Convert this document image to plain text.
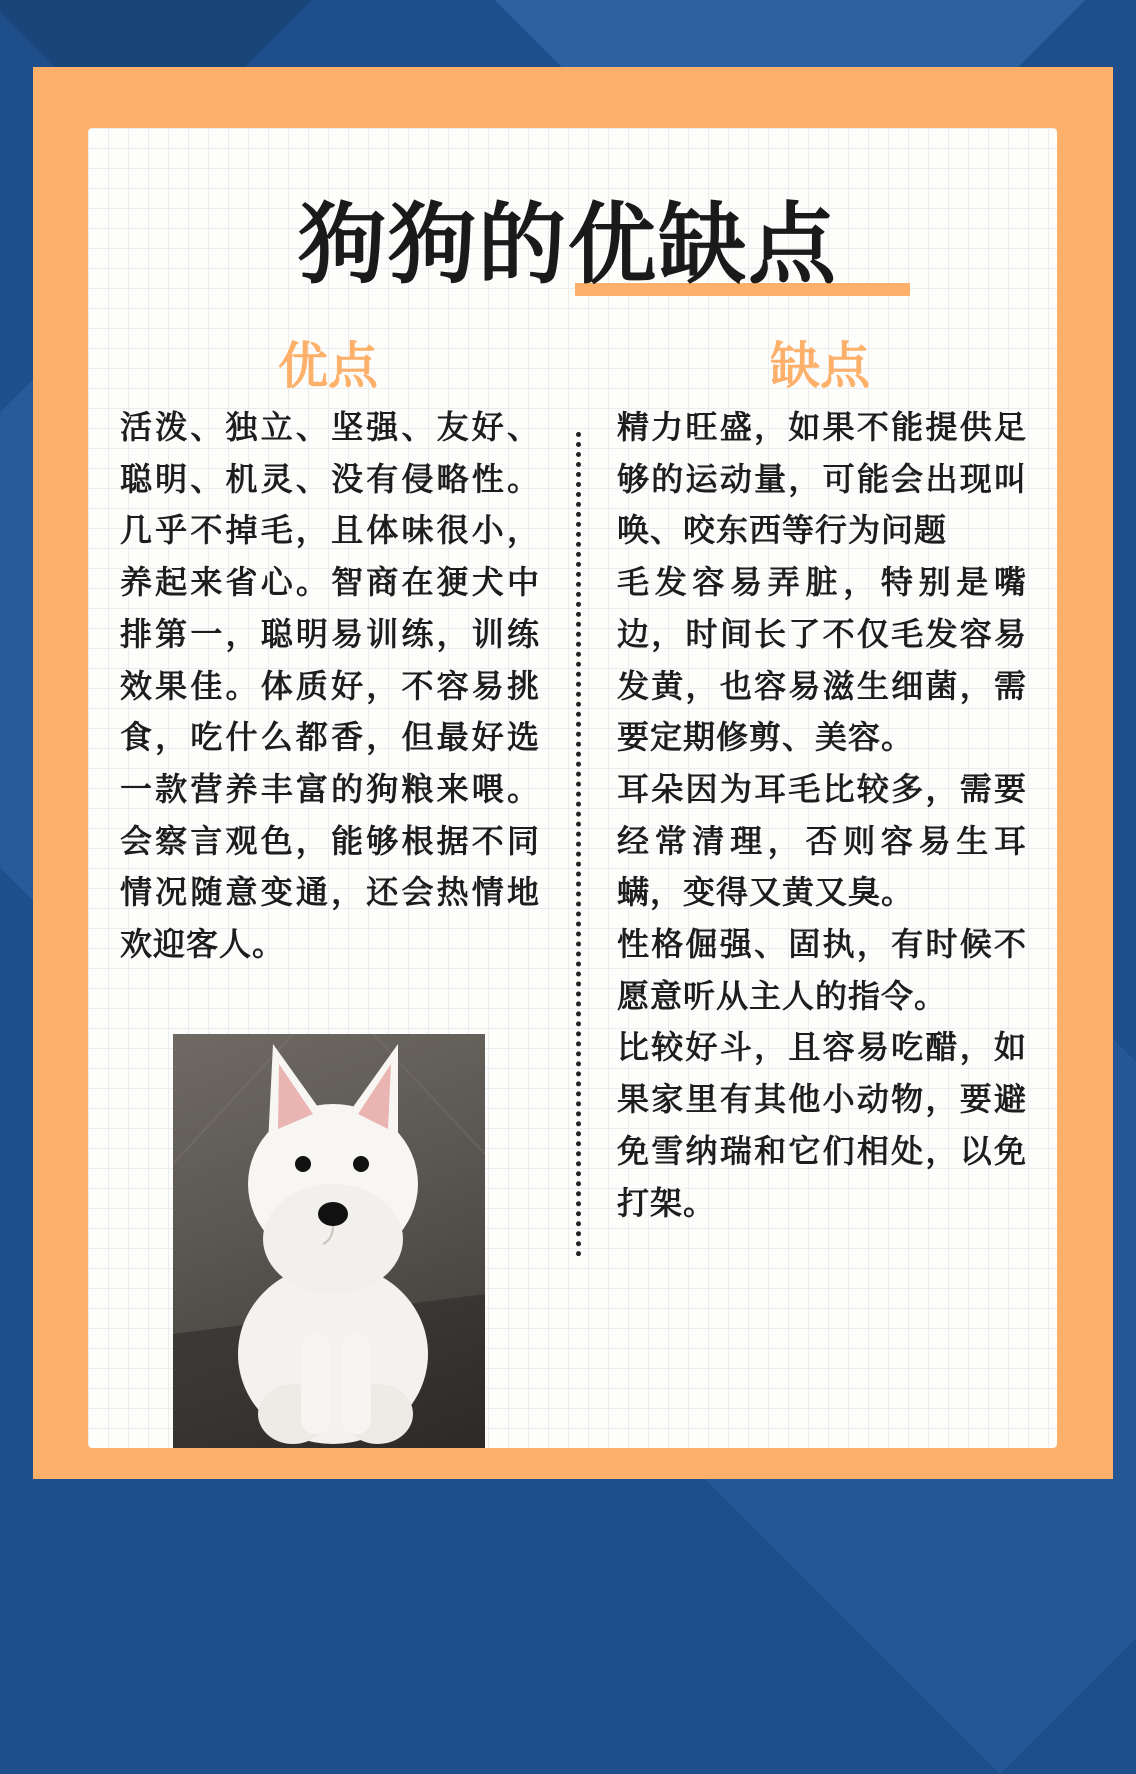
狗狗的优缺点
优点	缺点
活泼、独立、坚强、友好、聪明、机灵、没有侵略性。几乎不掉毛，且体味很小，养起来省心。智商在㹴犬中排第一，聪明易训练，训练效果佳。体质好，不容易挑食，吃什么都香，但最好选一款营养丰富的狗粮来喂。会察言观色，能够根据不同情况随意变通，还会热情地欢迎客人。

精力旺盛，如果不能提供足够的运动量，可能会出现叫唤、咬东西等行为问题

毛发容易弄脏，特别是嘴边，时间长了不仅毛发容易发黄，也容易滋生细菌，需要定期修剪、美容。

耳朵因为耳毛比较多，需要经常清理，否则容易生耳螨，变得又黄又臭。

性格倔强、固执，有时候不愿意听从主人的指令。

比较好斗，且容易吃醋，如果家里有其他小动物，要避免雪纳瑞和它们相处，以免打架。
